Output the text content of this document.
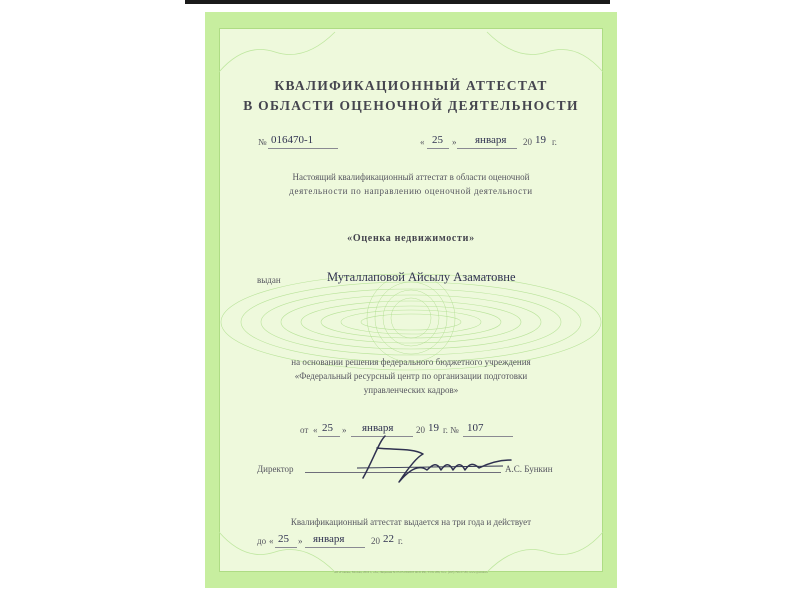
КВАЛИФИКАЦИОННЫЙ АТТЕСТАТ
В ОБЛАСТИ ОЦЕНОЧНОЙ ДЕЯТЕЛЬНОСТИ
№ 016470-1	« 25 » января 20 19 г.
Настоящий квалификационный аттестат в области оценочной
деятельности по направлению оценочной деятельности
«Оценка недвижимости»
выдан	Муталлаповой Айсылу Азаматовне
на основании решения федерального бюджетного учреждения
«Федеральный ресурсный центр по организации подготовки
управленческих кадров»
от « 25 » января	20 19 г. № 107
Директор	А.С. Бункин
Квалификационный аттестат выдается на три года и действует
до « 25 » января	20 22 г.
АО «Гознак», Москва, 2016 г., «А», Лицензия № 05-05-004/003 ФСБ РФ, ТЗ № 286, Тел.: (495) 796-57-80, www.goznak.ru
